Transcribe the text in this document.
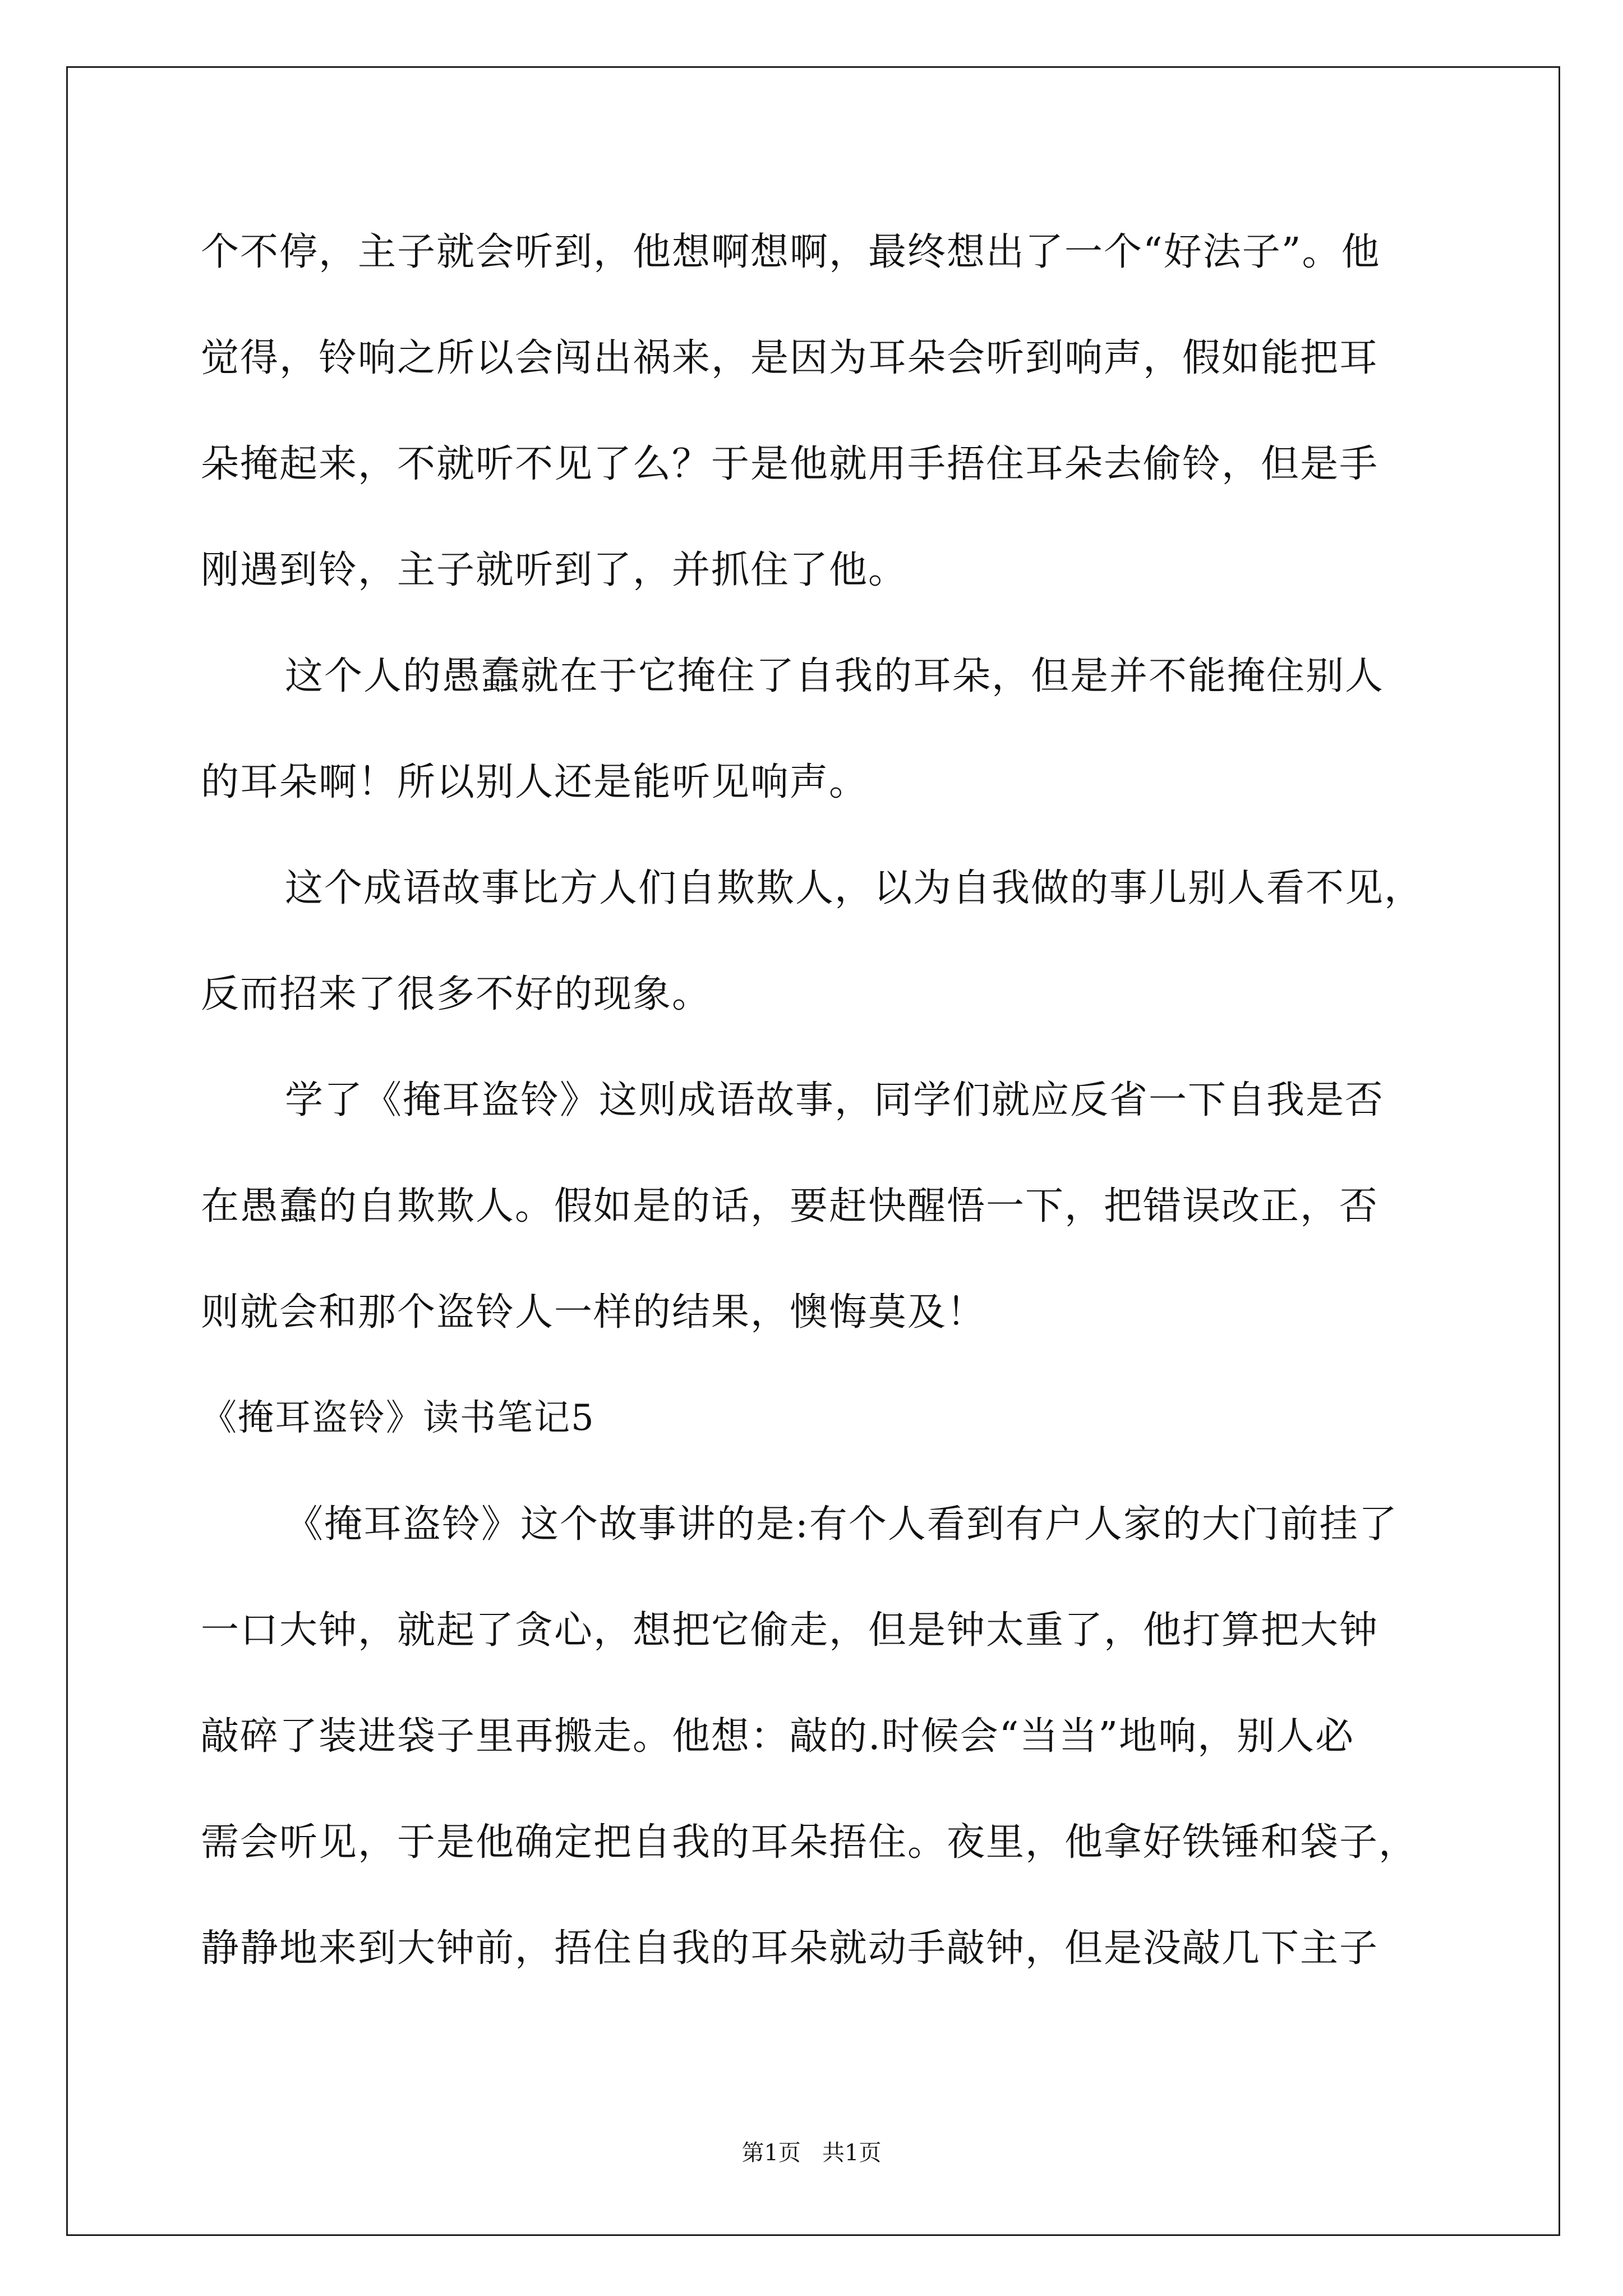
个不停，主子就会听到，他想啊想啊，最终想出了一个“好法子”。他
觉得，铃响之所以会闯出祸来，是因为耳朵会听到响声，假如能把耳
朵掩起来，不就听不见了么？于是他就用手捂住耳朵去偷铃，但是手
刚遇到铃，主子就听到了，并抓住了他。
这个人的愚蠢就在于它掩住了自我的耳朵，但是并不能掩住别人
的耳朵啊！所以别人还是能听见响声。
这个成语故事比方人们自欺欺人，以为自我做的事儿别人看不见，
反而招来了很多不好的现象。
学了《掩耳盗铃》这则成语故事，同学们就应反省一下自我是否
在愚蠢的自欺欺人。假如是的话，要赶快醒悟一下，把错误改正，否
则就会和那个盗铃人一样的结果，懊悔莫及！
《掩耳盗铃》读书笔记5
《掩耳盗铃》这个故事讲的是:有个人看到有户人家的大门前挂了
一口大钟，就起了贪心，想把它偷走，但是钟太重了，他打算把大钟
敲碎了装进袋子里再搬走。他想：敲的.时候会“当当”地响，别人必
需会听见，于是他确定把自我的耳朵捂住。夜里，他拿好铁锤和袋子，
静静地来到大钟前，捂住自我的耳朵就动手敲钟，但是没敲几下主子
第1页   共1页
